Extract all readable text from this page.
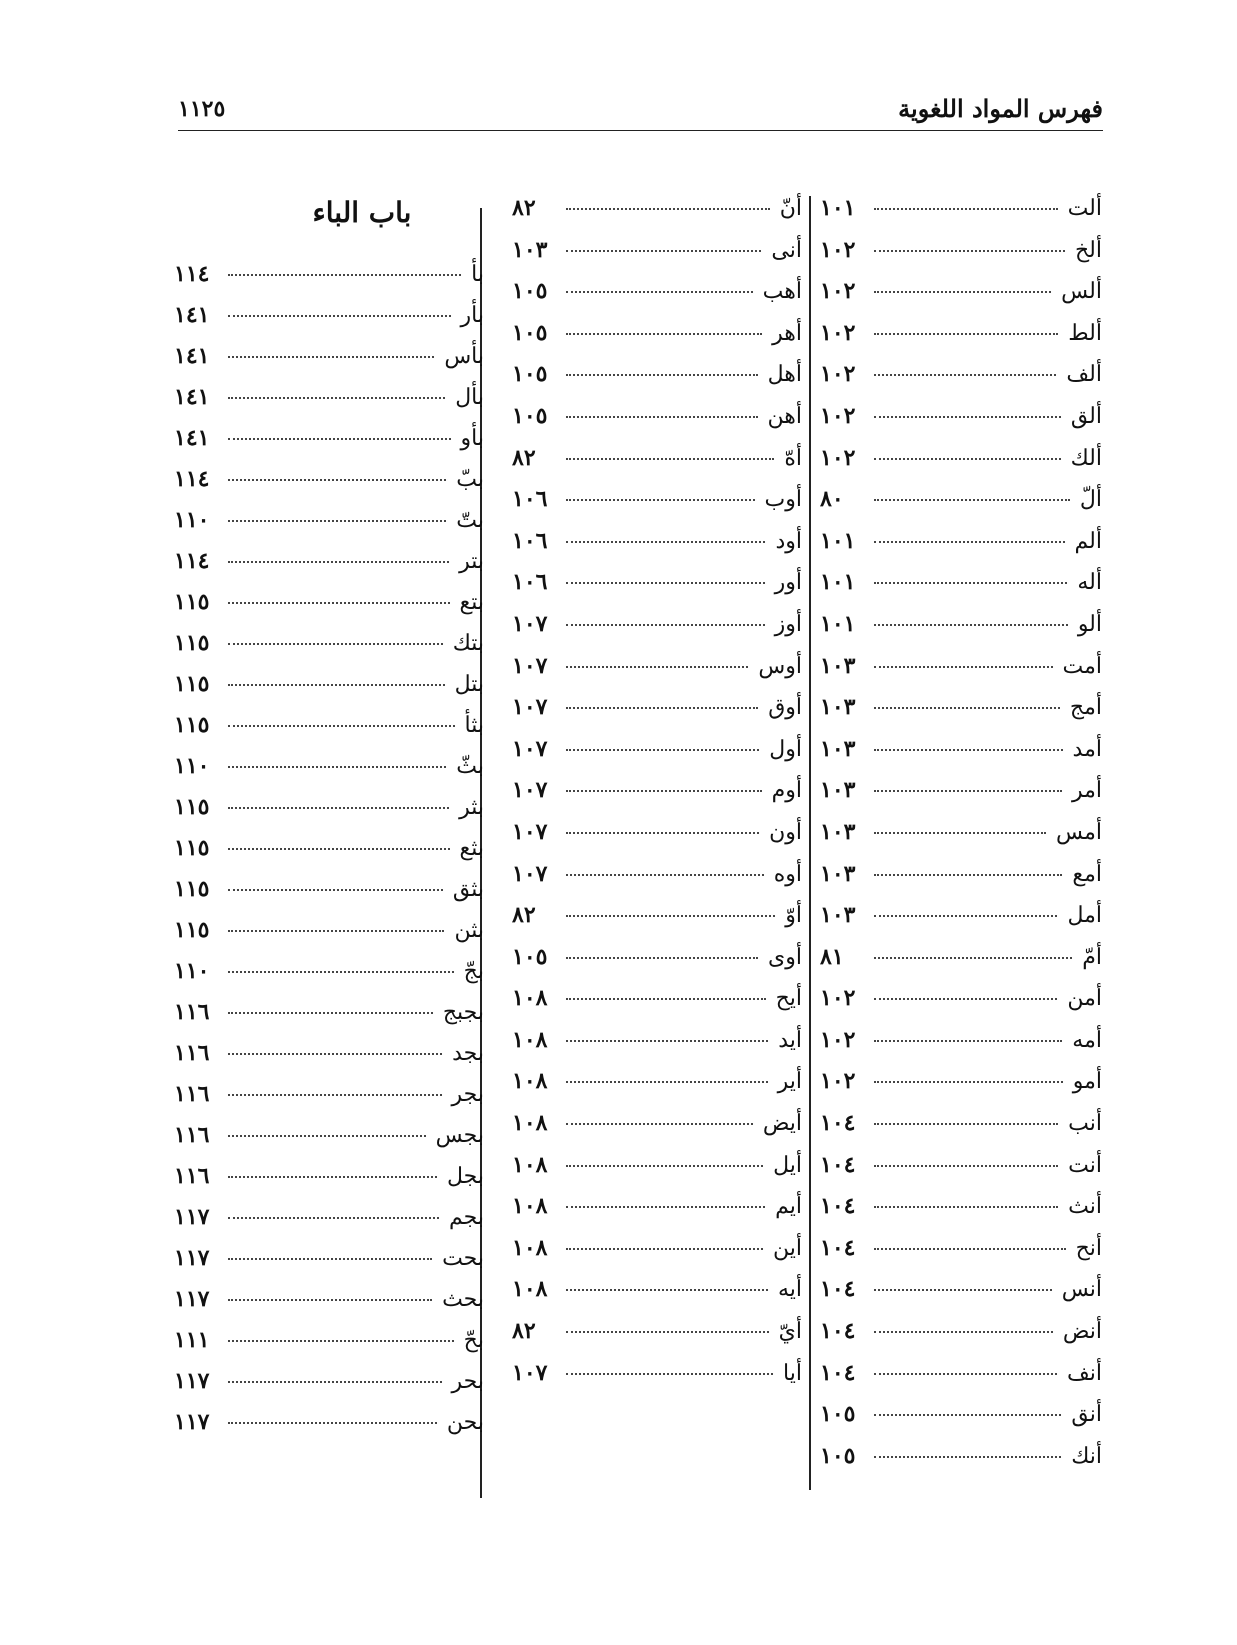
١١٢٥	فهرس المواد اللغوية
ألت
١٠١
ألخ
١٠٢
ألس
١٠٢
ألط
١٠٢
ألف
١٠٢
ألق
١٠٢
ألك
١٠٢
ألّ
٨٠
ألم
١٠١
أله
١٠١
ألو
١٠١
أمت
١٠٣
أمج
١٠٣
أمد
١٠٣
أمر
١٠٣
أمس
١٠٣
أمع
١٠٣
أمل
١٠٣
أمّ
٨١
أمن
١٠٢
أمه
١٠٢
أمو
١٠٢
أنب
١٠٤
أنت
١٠٤
أنث
١٠٤
أنح
١٠٤
أنس
١٠٤
أنض
١٠٤
أنف
١٠٤
أنق
١٠٥
أنك
١٠٥
أنّ
٨٢
أنى
١٠٣
أهب
١٠٥
أهر
١٠٥
أهل
١٠٥
أهن
١٠٥
أهّ
٨٢
أوب
١٠٦
أود
١٠٦
أور
١٠٦
أوز
١٠٧
أوس
١٠٧
أوق
١٠٧
أول
١٠٧
أوم
١٠٧
أون
١٠٧
أوه
١٠٧
أوّ
٨٢
أوى
١٠٥
أيح
١٠٨
أيد
١٠٨
أير
١٠٨
أيض
١٠٨
أيل
١٠٨
أيم
١٠٨
أين
١٠٨
أيه
١٠٨
أيّ
٨٢
أيا
١٠٧
باب الباء
بأ
١١٤
بأر
١٤١
بأس
١٤١
بأل
١٤١
بأو
١٤١
ببّ
١١٤
بتّ
١١٠
بتر
١١٤
بتع
١١٥
بتك
١١٥
بتل
١١٥
بثأ
١١٥
بثّ
١١٠
بثر
١١٥
بثع
١١٥
بثق
١١٥
بثن
١١٥
بجّ
١١٠
بجبج
١١٦
بجد
١١٦
بجر
١١٦
بجس
١١٦
بجل
١١٦
بجم
١١٧
بحت
١١٧
بحث
١١٧
بحّ
١١١
بحر
١١٧
بحن
١١٧
